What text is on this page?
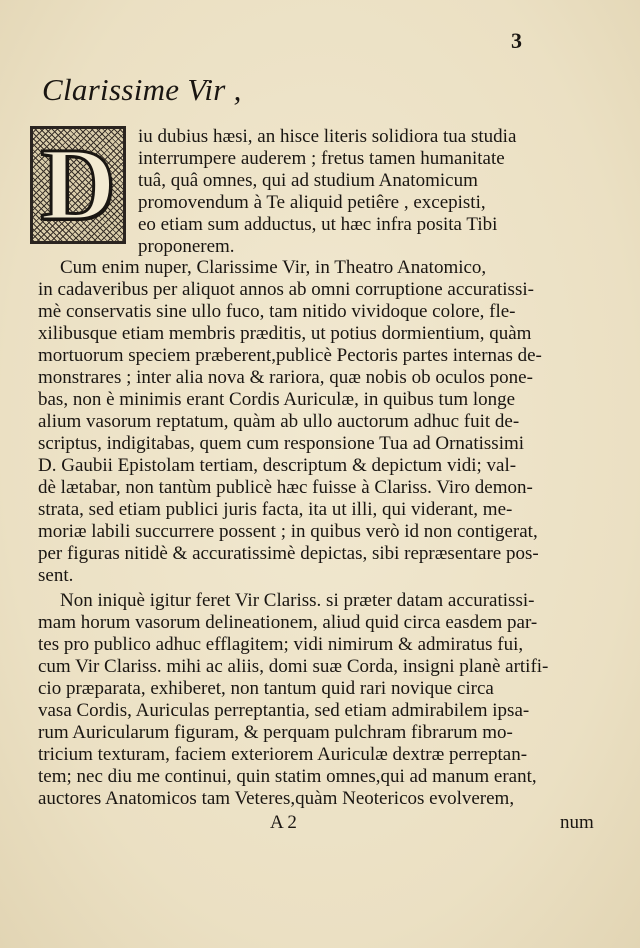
3
Clarissime Vir ,
D	iu dubius hæsi, an hisce literis solidiora tua studia
interrumpere auderem ; fretus tamen humanitate
tuâ, quâ omnes, qui ad studium Anatomicum
promovendum à Te aliquid petiêre , excepisti,
eo etiam sum adductus, ut hæc infra posita Tibi
proponerem.
Cum enim nuper, Clarissime Vir, in Theatro Anatomico,
in cadaveribus per aliquot annos ab omni corruptione accuratissi-
mè conservatis sine ullo fuco, tam nitido vividoque colore, fle-
xilibusque etiam membris præditis, ut potius dormientium, quàm
mortuorum speciem præberent,publicè Pectoris partes internas de-
monstrares ; inter alia nova & rariora, quæ nobis ob oculos pone-
bas, non è minimis erant Cordis Auriculæ, in quibus tum longe
alium vasorum reptatum, quàm ab ullo auctorum adhuc fuit de-
scriptus, indigitabas, quem cum responsione Tua ad Ornatissimi
D. Gaubii Epistolam tertiam, descriptum & depictum vidi; val-
dè lætabar, non tantùm publicè hæc fuisse à Clariss. Viro demon-
strata, sed etiam publici juris facta, ita ut illi, qui viderant, me-
moriæ labili succurrere possent ; in quibus verò id non contigerat,
per figuras nitidè & accuratissimè depictas, sibi repræsentare pos-
sent.
Non iniquè igitur feret Vir Clariss. si præter datam accuratissi-
mam horum vasorum delineationem, aliud quid circa easdem par-
tes pro publico adhuc efflagitem; vidi nimirum & admiratus fui,
cum Vir Clariss. mihi ac aliis, domi suæ Corda, insigni planè artifi-
cio præparata, exhiberet, non tantum quid rari novique circa
vasa Cordis, Auriculas perreptantia, sed etiam admirabilem ipsa-
rum Auricularum figuram, & perquam pulchram fibrarum mo-
tricium texturam, faciem exteriorem Auriculæ dextræ perreptan-
tem; nec diu me continui, quin statim omnes,qui ad manum erant,
auctores Anatomicos tam Veteres,quàm Neotericos evolverem,
A 2	num
